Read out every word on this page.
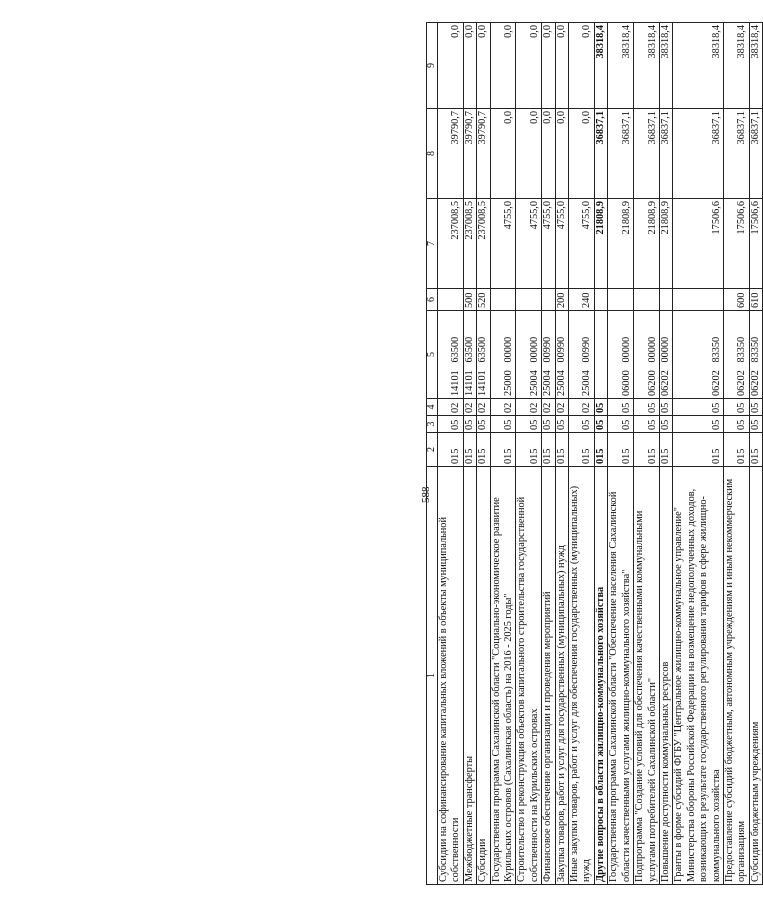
588
1	2	3	4	5	6	7	8	9
Субсидии на софинансирование капитальных вложений в объекты муниципальной собственности	015	05	02	14101   63500		237008,5	39790,7	0,0
Межбюджетные трансферты	015	05	02	14101   63500	500	237008,5	39790,7	0,0
Субсидии	015	05	02	14101   63500	520	237008,5	39790,7	0,0
Государственная программа Сахалинской области "Социально-экономическое развитие Курильских островов (Сахалинская область) на 2016 - 2025 годы"	015	05	02	25000   00000		4755,0	0,0	0,0
Строительство и реконструкция объектов капитального строительства государственной собственности на Курильских островах	015	05	02	25004   00000		4755,0	0,0	0,0
Финансовое обеспечение организации и проведения мероприятий	015	05	02	25004   00990		4755,0	0,0	0,0
Закупка товаров, работ и услуг для государственных (муниципальных) нужд	015	05	02	25004   00990	200	4755,0	0,0	0,0
Иные закупки товаров, работ и услуг для обеспечения государственных (муниципальных) нужд	015	05	02	25004   00990	240	4755,0	0,0	0,0
Другие вопросы в области жилищно-коммунального хозяйства	015	05	05			21808,9	36837,1	38318,4
Государственная программа Сахалинской области "Обеспечение населения Сахалинской области качественными услугами жилищно-коммунального хозяйства"	015	05	05	06000   00000		21808,9	36837,1	38318,4
Подпрограмма "Создание условий для обеспечения качественными коммунальными услугами потребителей Сахалинской области"	015	05	05	06200   00000		21808,9	36837,1	38318,4
Повышение доступности коммунальных ресурсов	015	05	05	06202   00000		21808,9	36837,1	38318,4
Гранты в форме субсидий ФГБУ "Центральное жилищно-коммунальное управление" Министерства обороны Российской Федерации на возмещение недополученных доходов, возникающих в результате государственного регулирования тарифов в сфере жилищно-коммунального хозяйства	015	05	05	06202   83350		17506,6	36837,1	38318,4
Предоставление субсидий бюджетным, автономным учреждениям и иным некоммерческим организациям	015	05	05	06202   83350	600	17506,6	36837,1	38318,4
Субсидии бюджетным учреждениям	015	05	05	06202   83350	610	17506,6	36837,1	38318,4
